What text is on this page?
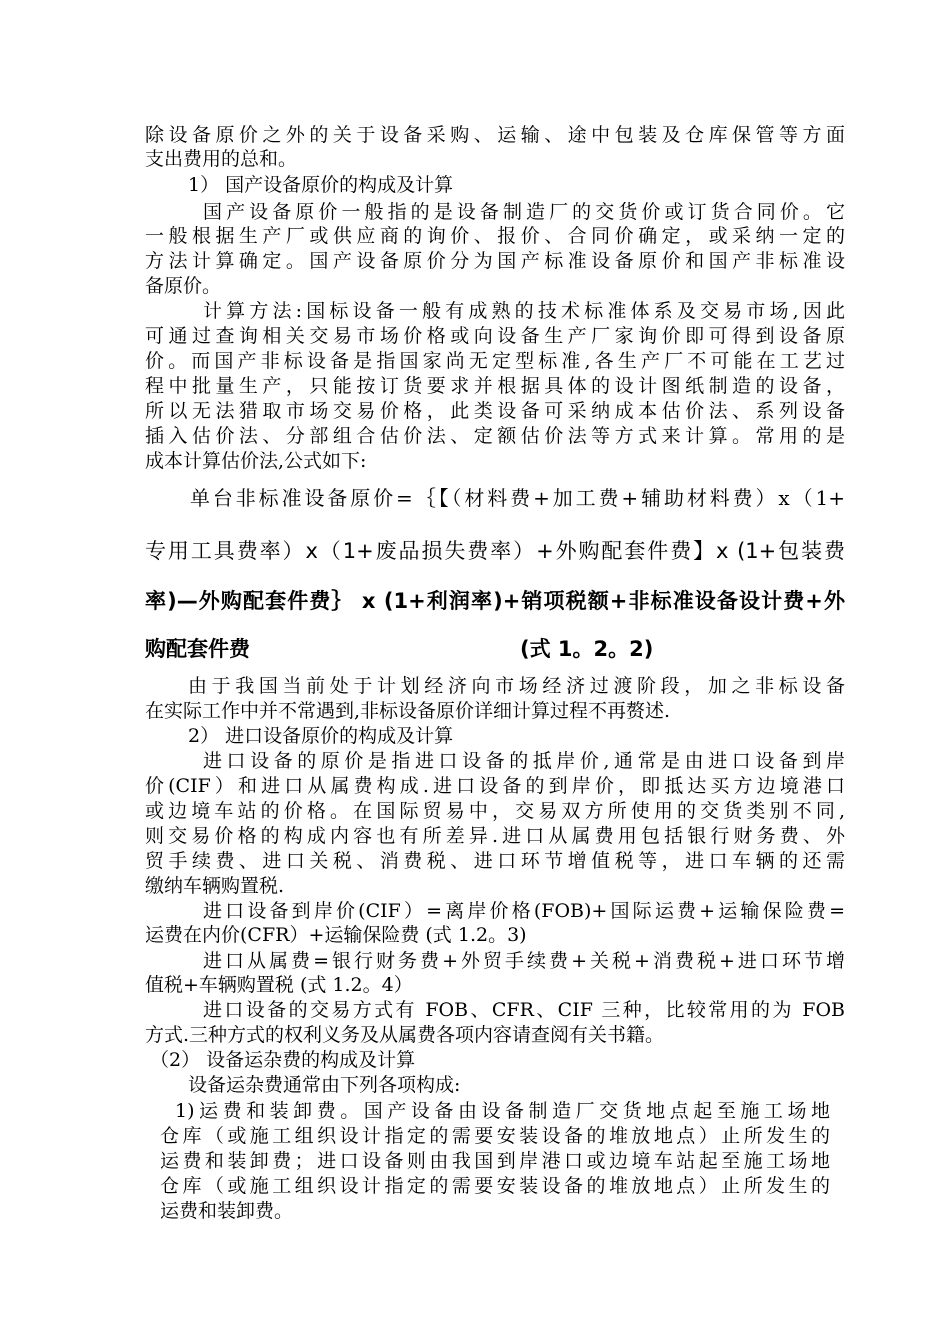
除设备原价之外的关于设备采购、运输、途中包装及仓库保管等方面
支出费用的总和。
1） 国产设备原价的构成及计算
国产设备原价一般指的是设备制造厂的交货价或订货合同价。它
一般根据生产厂或供应商的询价、报价、合同价确定，或采纳一定的
方法计算确定。国产设备原价分为国产标准设备原价和国产非标准设
备原价。
计算方法:国标设备一般有成熟的技术标准体系及交易市场,因此
可通过查询相关交易市场价格或向设备生产厂家询价即可得到设备原
价。而国产非标设备是指国家尚无定型标准,各生产厂不可能在工艺过
程中批量生产，只能按订货要求并根据具体的设计图纸制造的设备，
所以无法猎取市场交易价格，此类设备可采纳成本估价法、系列设备
插入估价法、分部组合估价法、定额估价法等方式来计算。常用的是
成本计算估价法,公式如下:
单台非标准设备原价=｛【（材料费+加工费+辅助材料费）x（1+
专用工具费率）x（1+废品损失费率）+外购配套件费】x (1+包装费
率)—外购配套件费｝ x (1+利润率)+销项税额+非标准设备设计费+外
购配套件费	(式 1。2。2)
由于我国当前处于计划经济向市场经济过渡阶段，加之非标设备
在实际工作中并不常遇到,非标设备原价详细计算过程不再赘述.
2） 进口设备原价的构成及计算
进口设备的原价是指进口设备的抵岸价,通常是由进口设备到岸
价(CIF）和进口从属费构成.进口设备的到岸价，即抵达买方边境港口
或边境车站的价格。在国际贸易中，交易双方所使用的交货类别不同,
则交易价格的构成内容也有所差异.进口从属费用包括银行财务费、外
贸手续费、进口关税、消费税、进口环节增值税等，进口车辆的还需
缴纳车辆购置税.
进口设备到岸价(CIF）=离岸价格(FOB)+国际运费+运输保险费=
运费在内价(CFR）+运输保险费 (式 1.2。3)
进口从属费=银行财务费+外贸手续费+关税+消费税+进口环节增
值税+车辆购置税 (式 1.2。4）
进口设备的交易方式有 FOB、CFR、CIF 三种，比较常用的为 FOB
方式.三种方式的权利义务及从属费各项内容请查阅有关书籍。
（2） 设备运杂费的构成及计算
设备运杂费通常由下列各项构成:
1)运费和装卸费。国产设备由设备制造厂交货地点起至施工场地
仓库（或施工组织设计指定的需要安装设备的堆放地点）止所发生的
运费和装卸费；进口设备则由我国到岸港口或边境车站起至施工场地
仓库（或施工组织设计指定的需要安装设备的堆放地点）止所发生的
运费和装卸费。
